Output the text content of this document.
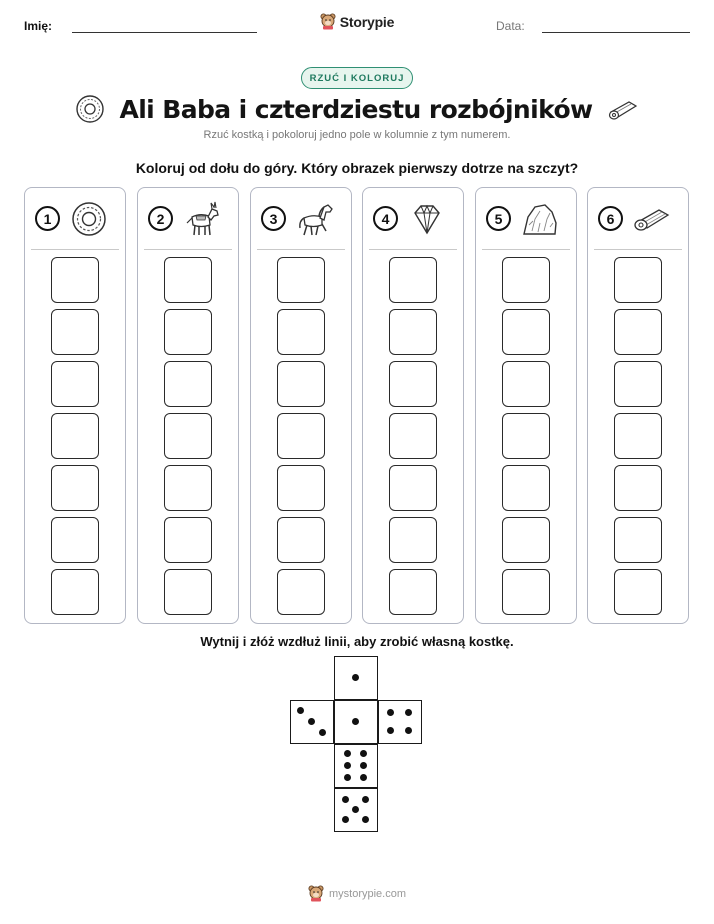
Imię:	Storypie	Data:
RZUĆ I KOLORUJ
Ali Baba i czterdziestu rozbójników
Rzuć kostką i pokoloruj jedno pole w kolumnie z tym numerem.
Koloruj od dołu do góry. Który obrazek pierwszy dotrze na szczyt?
1	2	3	4	5	6
Wytnij i złóż wzdłuż linii, aby zrobić własną kostkę.
mystorypie.com
